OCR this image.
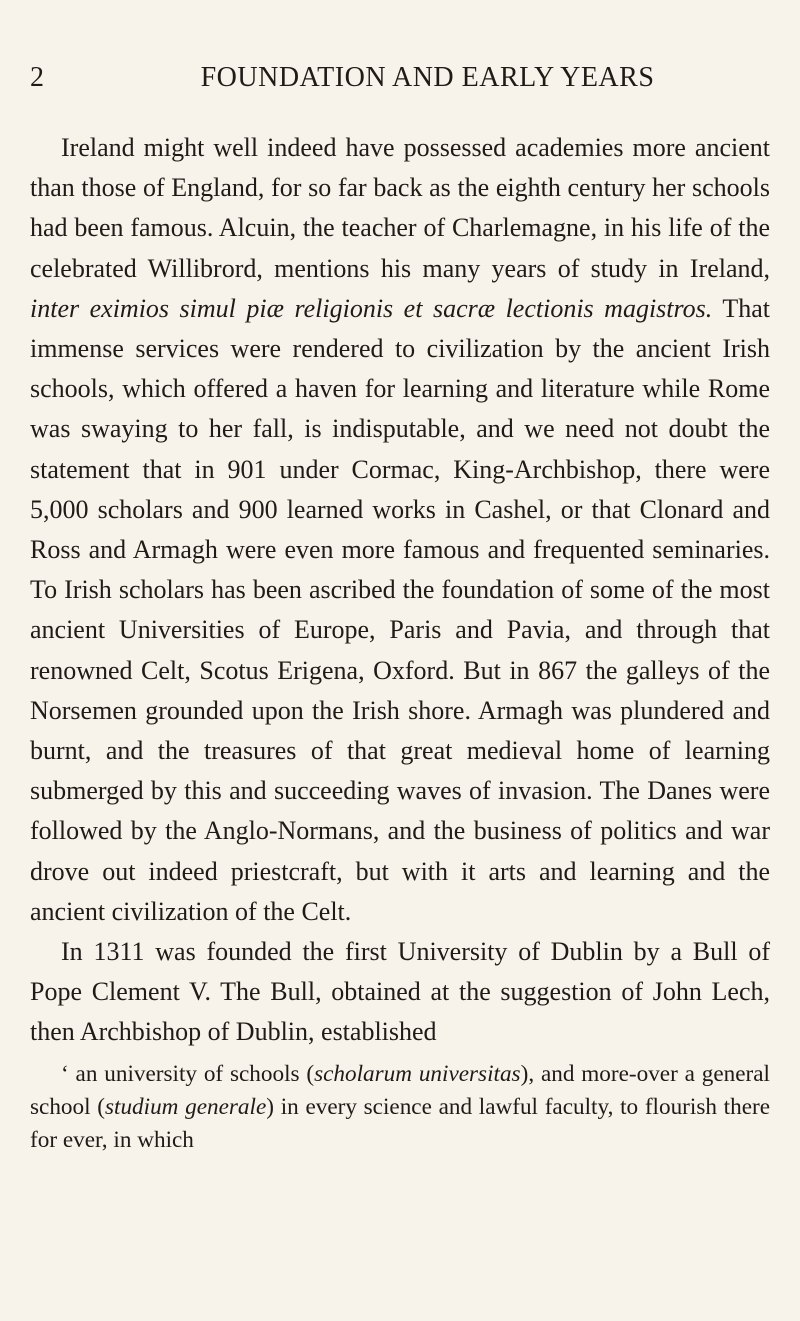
2	FOUNDATION AND EARLY YEARS

Ireland might well indeed have possessed academies more ancient than those of England, for so far back as the eighth century her schools had been famous. Alcuin, the teacher of Charlemagne, in his life of the celebrated Willibrord, mentions his many years of study in Ireland, inter eximios simul piæ religionis et sacræ lectionis magistros. That immense services were rendered to civilization by the ancient Irish schools, which offered a haven for learning and literature while Rome was swaying to her fall, is indisputable, and we need not doubt the statement that in 901 under Cormac, King-Archbishop, there were 5,000 scholars and 900 learned works in Cashel, or that Clonard and Ross and Armagh were even more famous and frequented seminaries. To Irish scholars has been ascribed the foundation of some of the most ancient Universities of Europe, Paris and Pavia, and through that renowned Celt, Scotus Erigena, Oxford. But in 867 the galleys of the Norsemen grounded upon the Irish shore. Armagh was plundered and burnt, and the treasures of that great medieval home of learning submerged by this and succeeding waves of invasion. The Danes were followed by the Anglo-Normans, and the business of politics and war drove out indeed priestcraft, but with it arts and learning and the ancient civilization of the Celt.

In 1311 was founded the first University of Dublin by a Bull of Pope Clement V. The Bull, obtained at the suggestion of John Lech, then Archbishop of Dublin, established

‘ an university of schools (scholarum universitas), and more-over a general school (studium generale) in every science and lawful faculty, to flourish there for ever, in which
